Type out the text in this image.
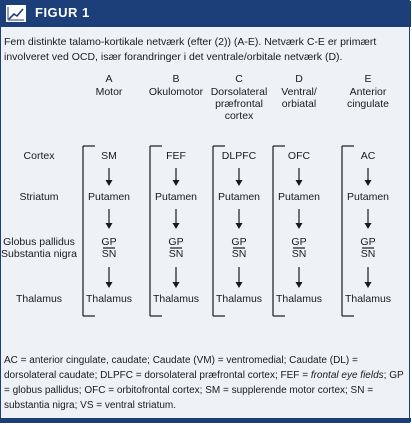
FIGUR 1
Fem distinkte talamo-kortikale netværk (efter (2)) (A-E). Netværk C-E er primært involveret ved OCD, især forandringer i det ventrale/orbitale netværk (D).
Cortex
Striatum
Globus pallidus
Substantia nigra
Thalamus
A
Motor
SM
Putamen
GP
SN
Thalamus
B
Okulomotor
FEF
Putamen
GP
SN
Thalamus
C
Dorsolateral
præfrontal
cortex
DLPFC
Putamen
GP
SN
Thalamus
D
Ventral/
orbiatal
OFC
Putamen
GP
SN
Thalamus
E
Anterior
cingulate
AC
Putamen
GP
SN
Thalamus
AC = anterior cingulate, caudate; Caudate (VM) = ventromedial; Caudate (DL) = dorsolateral caudate; DLPFC = dorsolateral præfrontal cortex; FEF = frontal eye fields; GP = globus pallidus; OFC = orbitofrontal cortex; SM = supplerende motor cortex; SN = substantia nigra; VS = ventral striatum.
